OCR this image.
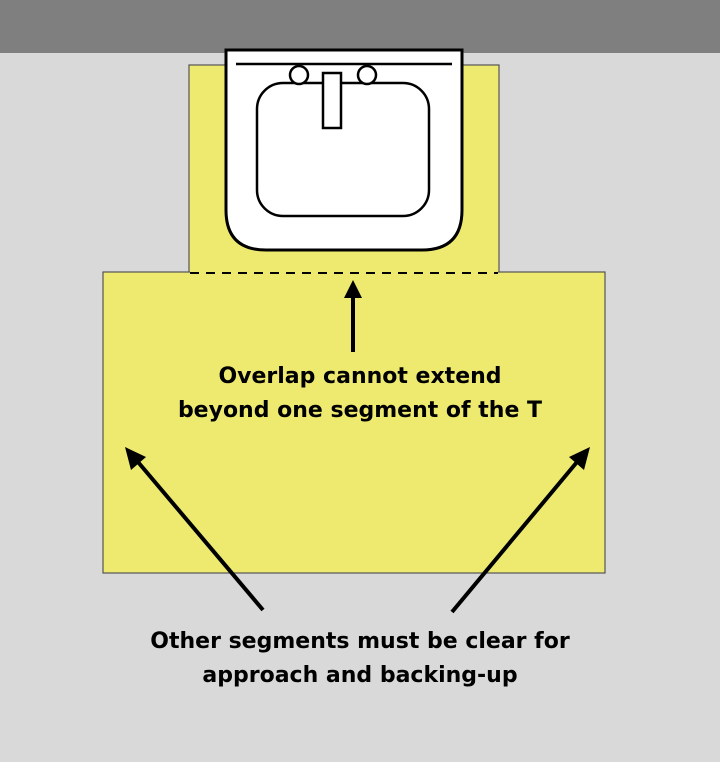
Overlap cannot extend
beyond one segment of the T
Other segments must be clear for
approach and backing-up
